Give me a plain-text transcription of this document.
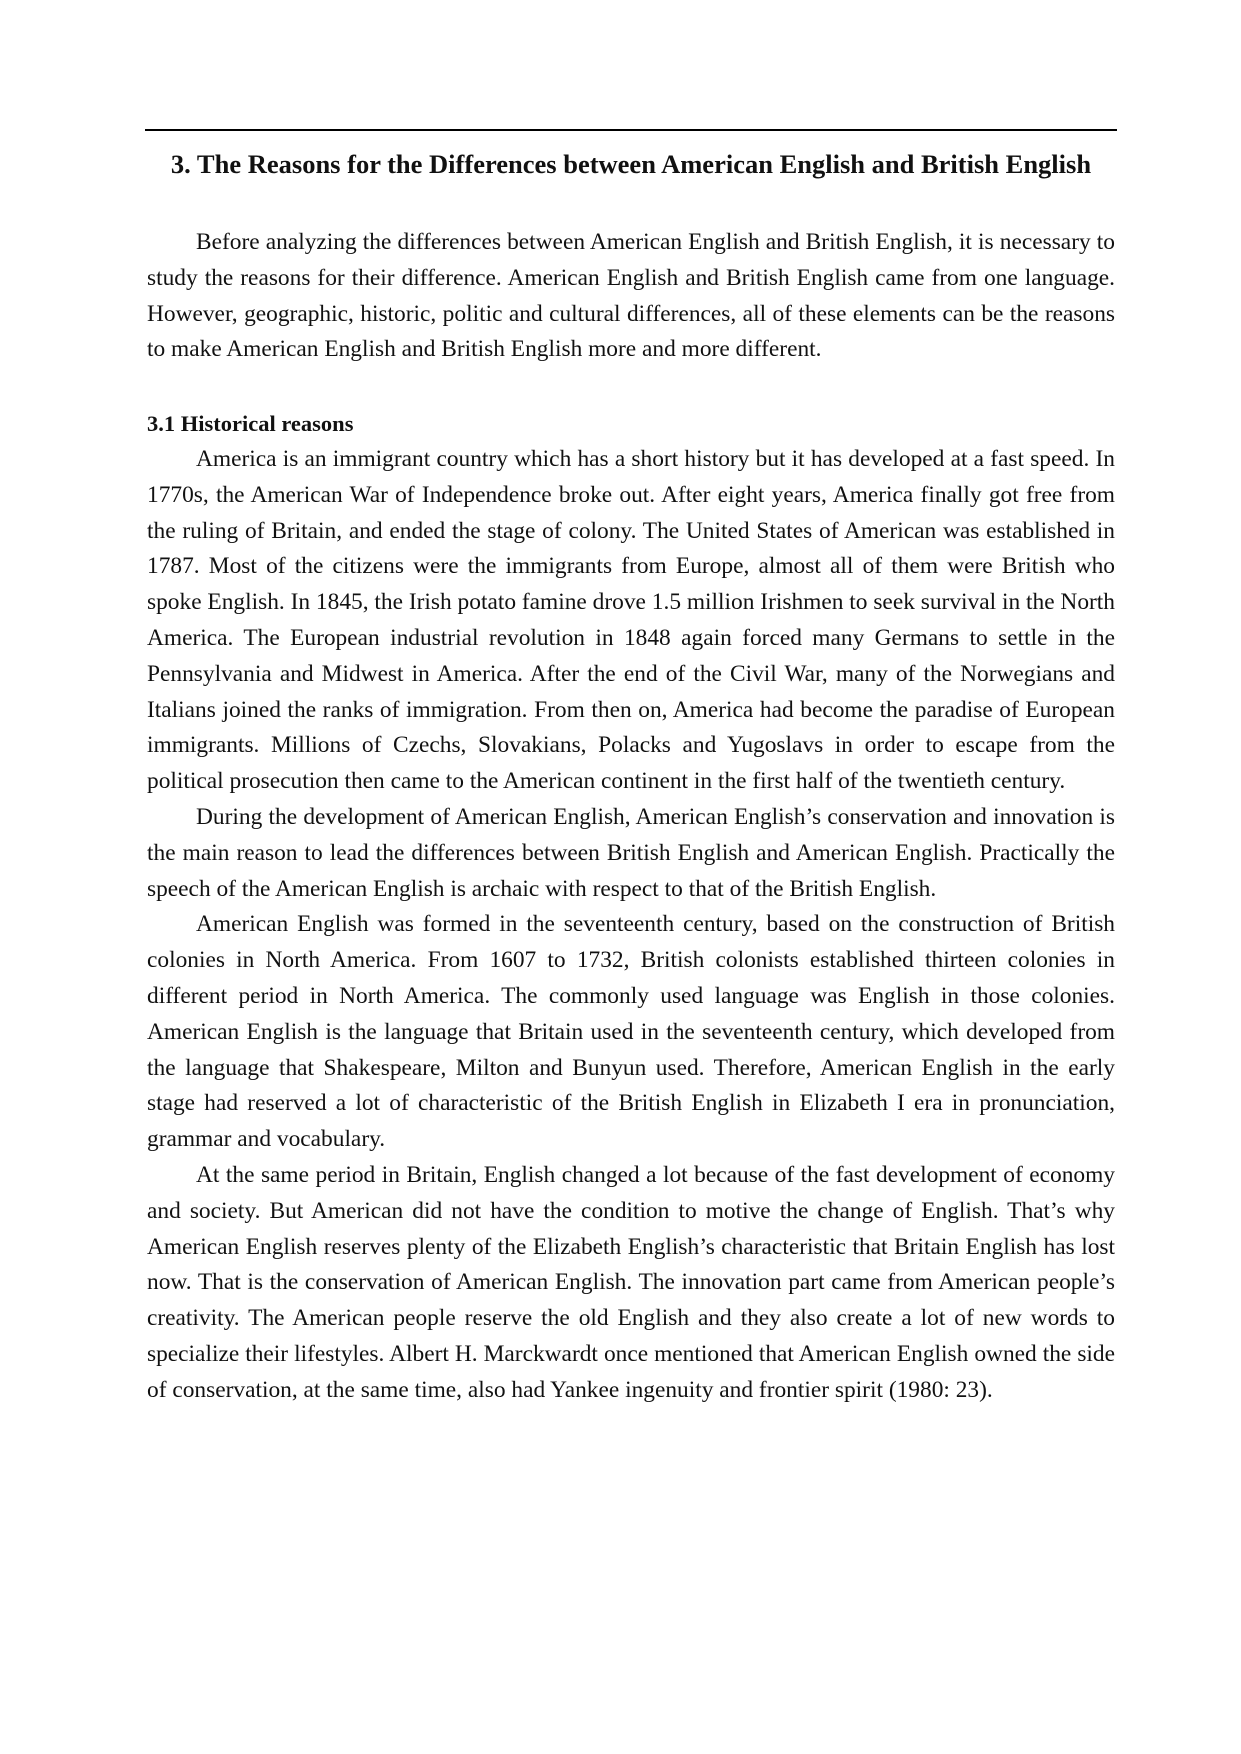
3. The Reasons for the Differences between American English and British English

Before analyzing the differences between American English and British English, it is necessary to study the reasons for their difference. American English and British English came from one language. However, geographic, historic, politic and cultural differences, all of these elements can be the reasons to make American English and British English more and more different.

3.1 Historical reasons

America is an immigrant country which has a short history but it has developed at a fast speed. In 1770s, the American War of Independence broke out. After eight years, America finally got free from the ruling of Britain, and ended the stage of colony. The United States of American was established in 1787. Most of the citizens were the immigrants from Europe, almost all of them were British who spoke English. In 1845, the Irish potato famine drove 1.5 million Irishmen to seek survival in the North America. The European industrial revolution in 1848 again forced many Germans to settle in the Pennsylvania and Midwest in America. After the end of the Civil War, many of the Norwegians and Italians joined the ranks of immigration. From then on, America had become the paradise of European immigrants. Millions of Czechs, Slovakians, Polacks and Yugoslavs in order to escape from the political prosecution then came to the American continent in the first half of the twentieth century.

During the development of American English, American English’s conservation and innovation is the main reason to lead the differences between British English and American English. Practically the speech of the American English is archaic with respect to that of the British English.

American English was formed in the seventeenth century, based on the construction of British colonies in North America. From 1607 to 1732, British colonists established thirteen colonies in different period in North America. The commonly used language was English in those colonies. American English is the language that Britain used in the seventeenth century, which developed from the language that Shakespeare, Milton and Bunyun used. Therefore, American English in the early stage had reserved a lot of characteristic of the British English in Elizabeth I era in pronunciation, grammar and vocabulary.

At the same period in Britain, English changed a lot because of the fast development of economy and society. But American did not have the condition to motive the change of English. That’s why American English reserves plenty of the Elizabeth English’s characteristic that Britain English has lost now. That is the conservation of American English. The innovation part came from American people’s creativity. The American people reserve the old English and they also create a lot of new words to specialize their lifestyles. Albert H. Marckwardt once mentioned that American English owned the side of conservation, at the same time, also had Yankee ingenuity and frontier spirit (1980: 23).
